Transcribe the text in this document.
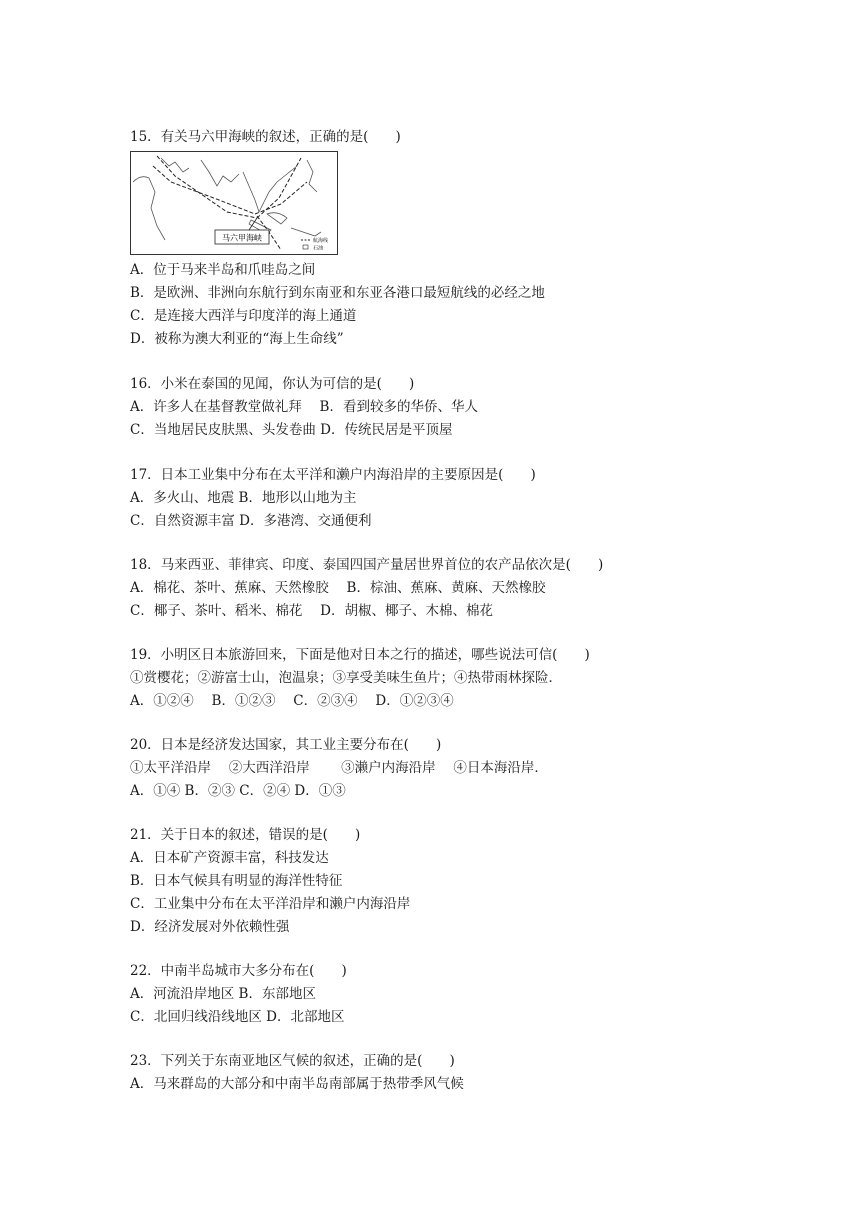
15．有关马六甲海峡的叙述，正确的是(　　)
马六甲海峡	航海线
石油
A．位于马来半岛和爪哇岛之间
B．是欧洲、非洲向东航行到东南亚和东亚各港口最短航线的必经之地
C．是连接大西洋与印度洋的海上通道
D．被称为澳大利亚的“海上生命线”
16．小米在泰国的见闻，你认为可信的是(　　)
A．许多人在基督教堂做礼拜　 B．看到较多的华侨、华人
C．当地居民皮肤黑、头发卷曲 D．传统民居是平顶屋
17．日本工业集中分布在太平洋和濑户内海沿岸的主要原因是(　　)
A．多火山、地震 B．地形以山地为主
C．自然资源丰富 D．多港湾、交通便利
18．马来西亚、菲律宾、印度、泰国四国产量居世界首位的农产品依次是(　　)
A．棉花、茶叶、蕉麻、天然橡胶　 B．棕油、蕉麻、黄麻、天然橡胶
C．椰子、茶叶、稻米、棉花　 D．胡椒、椰子、木棉、棉花
19．小明区日本旅游回来，下面是他对日本之行的描述，哪些说法可信(　　)
①赏樱花；②游富士山，泡温泉；③享受美味生鱼片；④热带雨林探险．
A．①②④　 B．①②③　 C．②③④　 D．①②③④
20．日本是经济发达国家，其工业主要分布在(　　)
①太平洋沿岸　 ②大西洋沿岸　　 ③濑户内海沿岸　 ④日本海沿岸．
A．①④ B．②③ C．②④ D．①③
21．关于日本的叙述，错误的是(　　)
A．日本矿产资源丰富，科技发达
B．日本气候具有明显的海洋性特征
C．工业集中分布在太平洋沿岸和濑户内海沿岸
D．经济发展对外依赖性强
22．中南半岛城市大多分布在(　　)
A．河流沿岸地区 B．东部地区
C．北回归线沿线地区 D．北部地区
23．下列关于东南亚地区气候的叙述，正确的是(　　)
A．马来群岛的大部分和中南半岛南部属于热带季风气候
